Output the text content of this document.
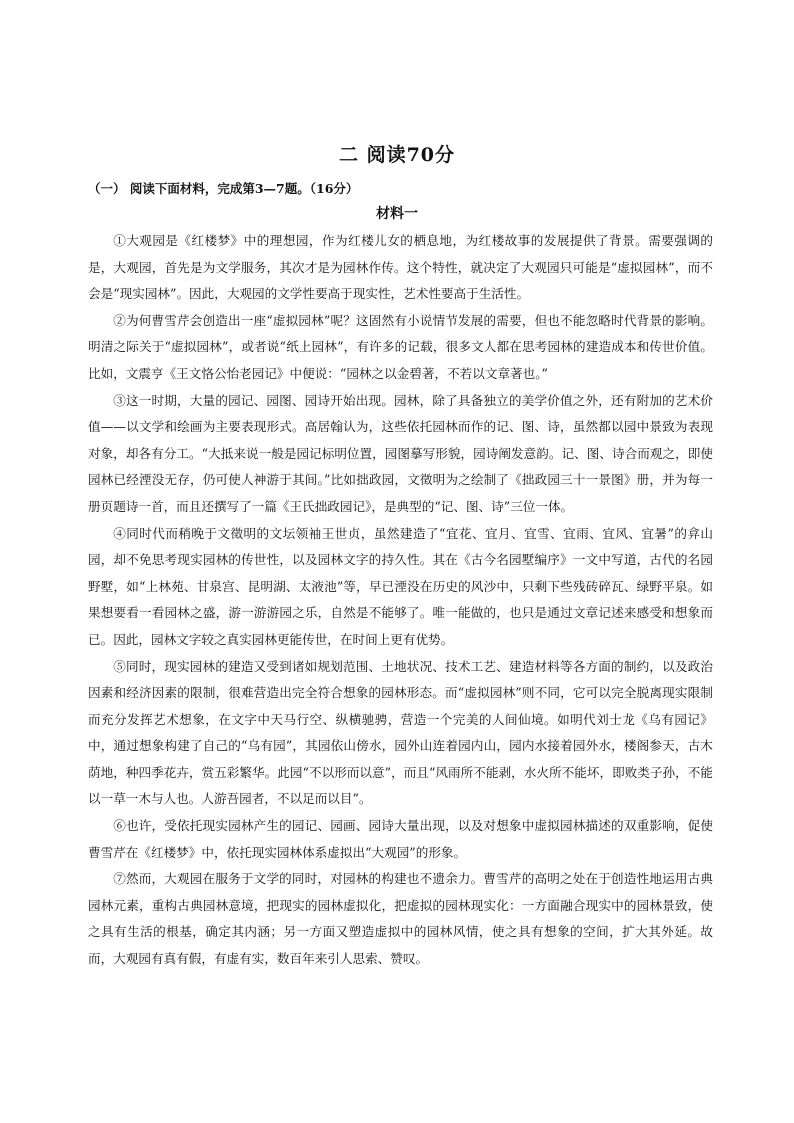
二 阅读70分
（一） 阅读下面材料，完成第3—7题。（16分）
材料一

①大观园是《红楼梦》中的理想园，作为红楼儿女的栖息地，为红楼故事的发展提供了背景。需要强调的是，大观园，首先是为文学服务，其次才是为园林作传。这个特性，就决定了大观园只可能是“虚拟园林”，而不会是“现实园林”。因此，大观园的文学性要高于现实性，艺术性要高于生活性。

②为何曹雪芹会创造出一座“虚拟园林”呢？这固然有小说情节发展的需要，但也不能忽略时代背景的影响。明清之际关于“虚拟园林”，或者说“纸上园林”，有许多的记载，很多文人都在思考园林的建造成本和传世价值。比如，文震亨《王文恪公怡老园记》中便说：“园林之以金碧著，不若以文章著也。”

③这一时期，大量的园记、园图、园诗开始出现。园林，除了具备独立的美学价值之外，还有附加的艺术价值——以文学和绘画为主要表现形式。高居翰认为，这些依托园林而作的记、图、诗，虽然都以园中景致为表现对象，却各有分工。“大抵来说一般是园记标明位置，园图摹写形貌，园诗阐发意韵。记、图、诗合而观之，即使园林已经湮没无存，仍可使人神游于其间。”比如拙政园，文徵明为之绘制了《拙政园三十一景图》册，并为每一册页题诗一首，而且还撰写了一篇《王氏拙政园记》，是典型的“记、图、诗”三位一体。

④同时代而稍晚于文徵明的文坛领袖王世贞，虽然建造了“宜花、宜月、宜雪、宜雨、宜风、宜暑”的弇山园，却不免思考现实园林的传世性，以及园林文字的持久性。其在《古今名园墅编序》一文中写道，古代的名园野墅，如“上林苑、甘泉宫、昆明湖、太液池”等，早已湮没在历史的风沙中，只剩下些残砖碎瓦、绿野平泉。如果想要看一看园林之盛，游一游游园之乐，自然是不能够了。唯一能做的，也只是通过文章记述来感受和想象而已。因此，园林文字较之真实园林更能传世，在时间上更有优势。

⑤同时，现实园林的建造又受到诸如规划范围、土地状况、技术工艺、建造材料等各方面的制约，以及政治因素和经济因素的限制，很难营造出完全符合想象的园林形态。而“虚拟园林”则不同，它可以完全脱离现实限制而充分发挥艺术想象，在文字中天马行空、纵横驰骋，营造一个完美的人间仙境。如明代刘士龙《乌有园记》中，通过想象构建了自己的“乌有园”，其园依山傍水，园外山连着园内山，园内水接着园外水，楼阁参天，古木荫地，种四季花卉，赏五彩繁华。此园“不以形而以意”，而且“风雨所不能剥，水火所不能坏，即败类子孙，不能以一草一木与人也。人游吾园者，不以足而以目”。

⑥也许，受依托现实园林产生的园记、园画、园诗大量出现，以及对想象中虚拟园林描述的双重影响，促使曹雪芹在《红楼梦》中，依托现实园林体系虚拟出“大观园”的形象。

⑦然而，大观园在服务于文学的同时，对园林的构建也不遗余力。曹雪芹的高明之处在于创造性地运用古典园林元素，重构古典园林意境，把现实的园林虚拟化，把虚拟的园林现实化：一方面融合现实中的园林景致，使之具有生活的根基，确定其内涵；另一方面又塑造虚拟中的园林风情，使之具有想象的空间，扩大其外延。故而，大观园有真有假，有虚有实，数百年来引人思索、赞叹。
